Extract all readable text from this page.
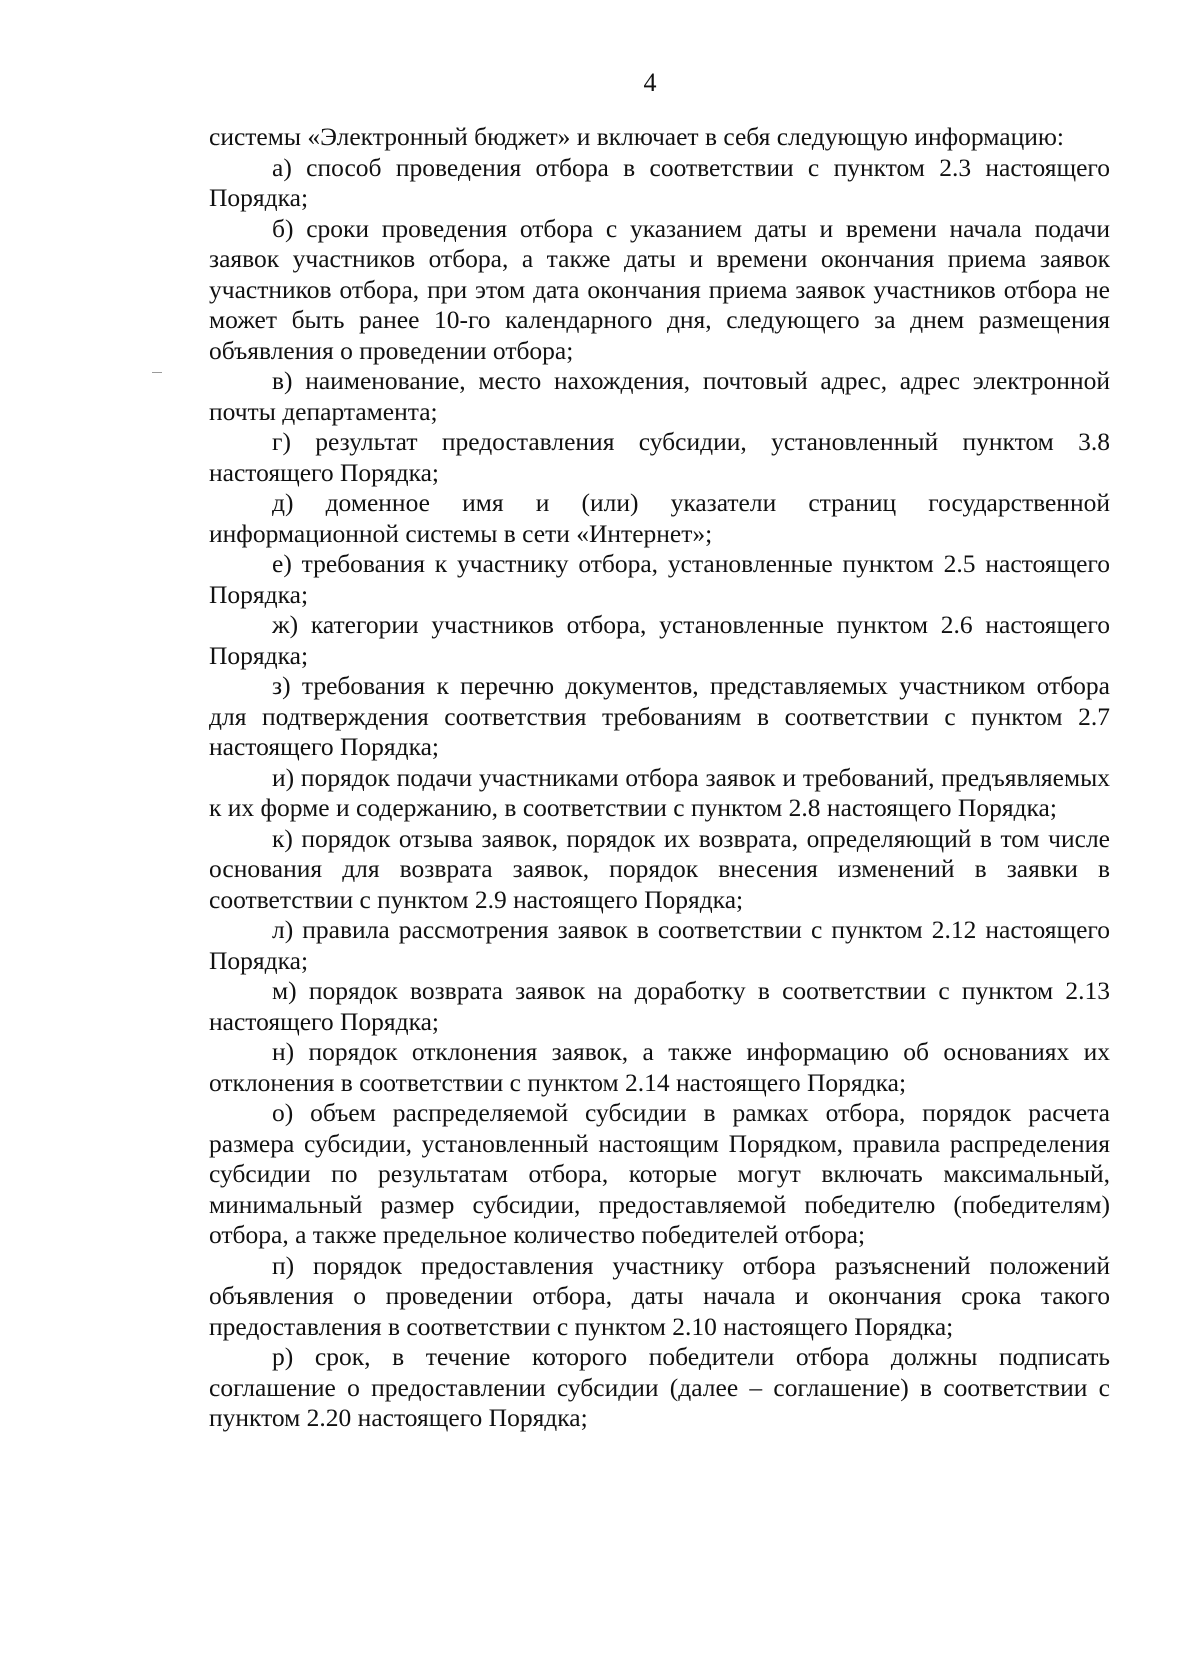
4

системы «Электронный бюджет» и включает в себя следующую информацию:

а) способ проведения отбора в соответствии с пунктом 2.3 настоящего Порядка;

б) сроки проведения отбора с указанием даты и времени начала подачи заявок участников отбора, а также даты и времени окончания приема заявок участников отбора, при этом дата окончания приема заявок участников отбора не может быть ранее 10-го календарного дня, следующего за днем размещения объявления о проведении отбора;

в) наименование, место нахождения, почтовый адрес, адрес электронной почты департамента;

г) результат предоставления субсидии, установленный пунктом 3.8 настоящего Порядка;

д) доменное имя и (или) указатели страниц государственной информационной системы в сети «Интернет»;

е) требования к участнику отбора, установленные пунктом 2.5 настоящего Порядка;

ж) категории участников отбора, установленные пунктом 2.6 настоящего Порядка;

з) требования к перечню документов, представляемых участником отбора для подтверждения соответствия требованиям в соответствии с пунктом 2.7 настоящего Порядка;

и) порядок подачи участниками отбора заявок и требований, предъявляемых к их форме и содержанию, в соответствии с пунктом 2.8 настоящего Порядка;

к) порядок отзыва заявок, порядок их возврата, определяющий в том числе основания для возврата заявок, порядок внесения изменений в заявки в соответствии с пунктом 2.9 настоящего Порядка;

л) правила рассмотрения заявок в соответствии с пунктом 2.12 настоящего Порядка;

м) порядок возврата заявок на доработку в соответствии с пунктом 2.13 настоящего Порядка;

н) порядок отклонения заявок, а также информацию об основаниях их отклонения в соответствии с пунктом 2.14 настоящего Порядка;

о) объем распределяемой субсидии в рамках отбора, порядок расчета размера субсидии, установленный настоящим Порядком, правила распределения субсидии по результатам отбора, которые могут включать максимальный, минимальный размер субсидии, предоставляемой победителю (победителям) отбора, а также предельное количество победителей отбора;

п) порядок предоставления участнику отбора разъяснений положений объявления о проведении отбора, даты начала и окончания срока такого предоставления в соответствии с пунктом 2.10 настоящего Порядка;

р) срок, в течение которого победители отбора должны подписать соглашение о предоставлении субсидии (далее – соглашение) в соответствии с пунктом 2.20 настоящего Порядка;
